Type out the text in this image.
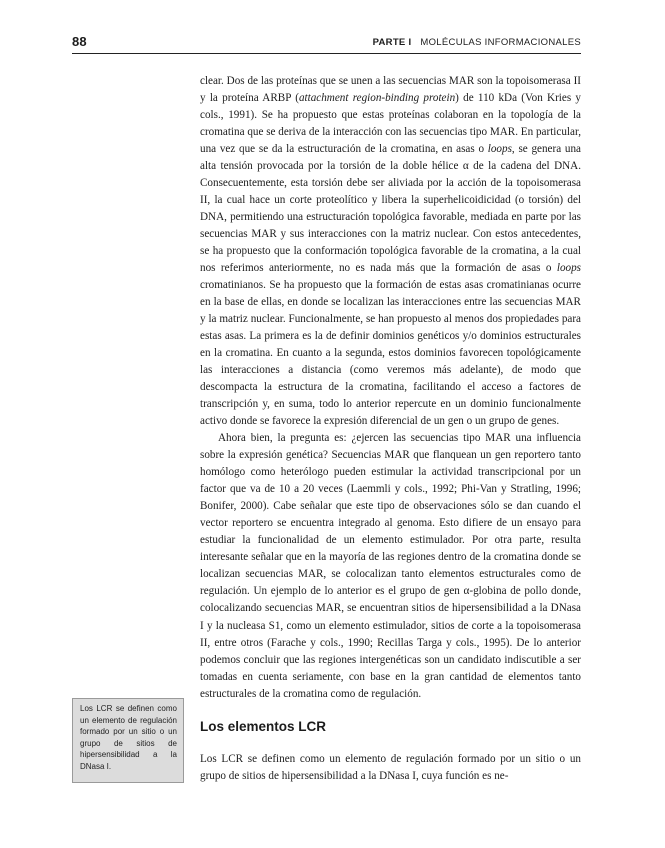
88	PARTE I MOLÉCULAS INFORMACIONALES

clear. Dos de las proteínas que se unen a las secuencias MAR son la topoisomerasa II y la proteína ARBP (attachment region-binding protein) de 110 kDa (Von Kries y cols., 1991). Se ha propuesto que estas proteínas colaboran en la topología de la cromatina que se deriva de la interacción con las secuencias tipo MAR. En particular, una vez que se da la estructuración de la cromatina, en asas o loops, se genera una alta tensión provocada por la torsión de la doble hélice α de la cadena del DNA. Consecuentemente, esta torsión debe ser aliviada por la acción de la topoisomerasa II, la cual hace un corte proteolítico y libera la superhelicoidicidad (o torsión) del DNA, permitiendo una estructuración topológica favorable, mediada en parte por las secuencias MAR y sus interacciones con la matriz nuclear. Con estos antecedentes, se ha propuesto que la conformación topológica favorable de la cromatina, a la cual nos referimos anteriormente, no es nada más que la formación de asas o loops cromatinianos. Se ha propuesto que la formación de estas asas cromatinianas ocurre en la base de ellas, en donde se localizan las interacciones entre las secuencias MAR y la matriz nuclear. Funcionalmente, se han propuesto al menos dos propiedades para estas asas. La primera es la de definir dominios genéticos y/o dominios estructurales en la cromatina. En cuanto a la segunda, estos dominios favorecen topológicamente las interacciones a distancia (como veremos más adelante), de modo que descompacta la estructura de la cromatina, facilitando el acceso a factores de transcripción y, en suma, todo lo anterior repercute en un dominio funcionalmente activo donde se favorece la expresión diferencial de un gen o un grupo de genes.

Ahora bien, la pregunta es: ¿ejercen las secuencias tipo MAR una influencia sobre la expresión genética? Secuencias MAR que flanquean un gen reportero tanto homólogo como heterólogo pueden estimular la actividad transcripcional por un factor que va de 10 a 20 veces (Laemmli y cols., 1992; Phi-Van y Stratling, 1996; Bonifer, 2000). Cabe señalar que este tipo de observaciones sólo se dan cuando el vector reportero se encuentra integrado al genoma. Esto difiere de un ensayo para estudiar la funcionalidad de un elemento estimulador. Por otra parte, resulta interesante señalar que en la mayoría de las regiones dentro de la cromatina donde se localizan secuencias MAR, se colocalizan tanto elementos estructurales como de regulación. Un ejemplo de lo anterior es el grupo de gen α-globina de pollo donde, colocalizando secuencias MAR, se encuentran sitios de hipersensibilidad a la DNasa I y la nucleasa S1, como un elemento estimulador, sitios de corte a la topoisomerasa II, entre otros (Farache y cols., 1990; Recillas Targa y cols., 1995). De lo anterior podemos concluir que las regiones intergenéticas son un candidato indiscutible a ser tomadas en cuenta seriamente, con base en la gran cantidad de elementos tanto estructurales de la cromatina como de regulación.

Los elementos LCR

Los LCR se definen como un elemento de regulación formado por un sitio o un grupo de sitios de hipersensibilidad a la DNasa I, cuya función es ne-

Los LCR se definen como un elemento de regulación formado por un sitio o un grupo de sitios de hipersensibilidad a la DNasa I.
